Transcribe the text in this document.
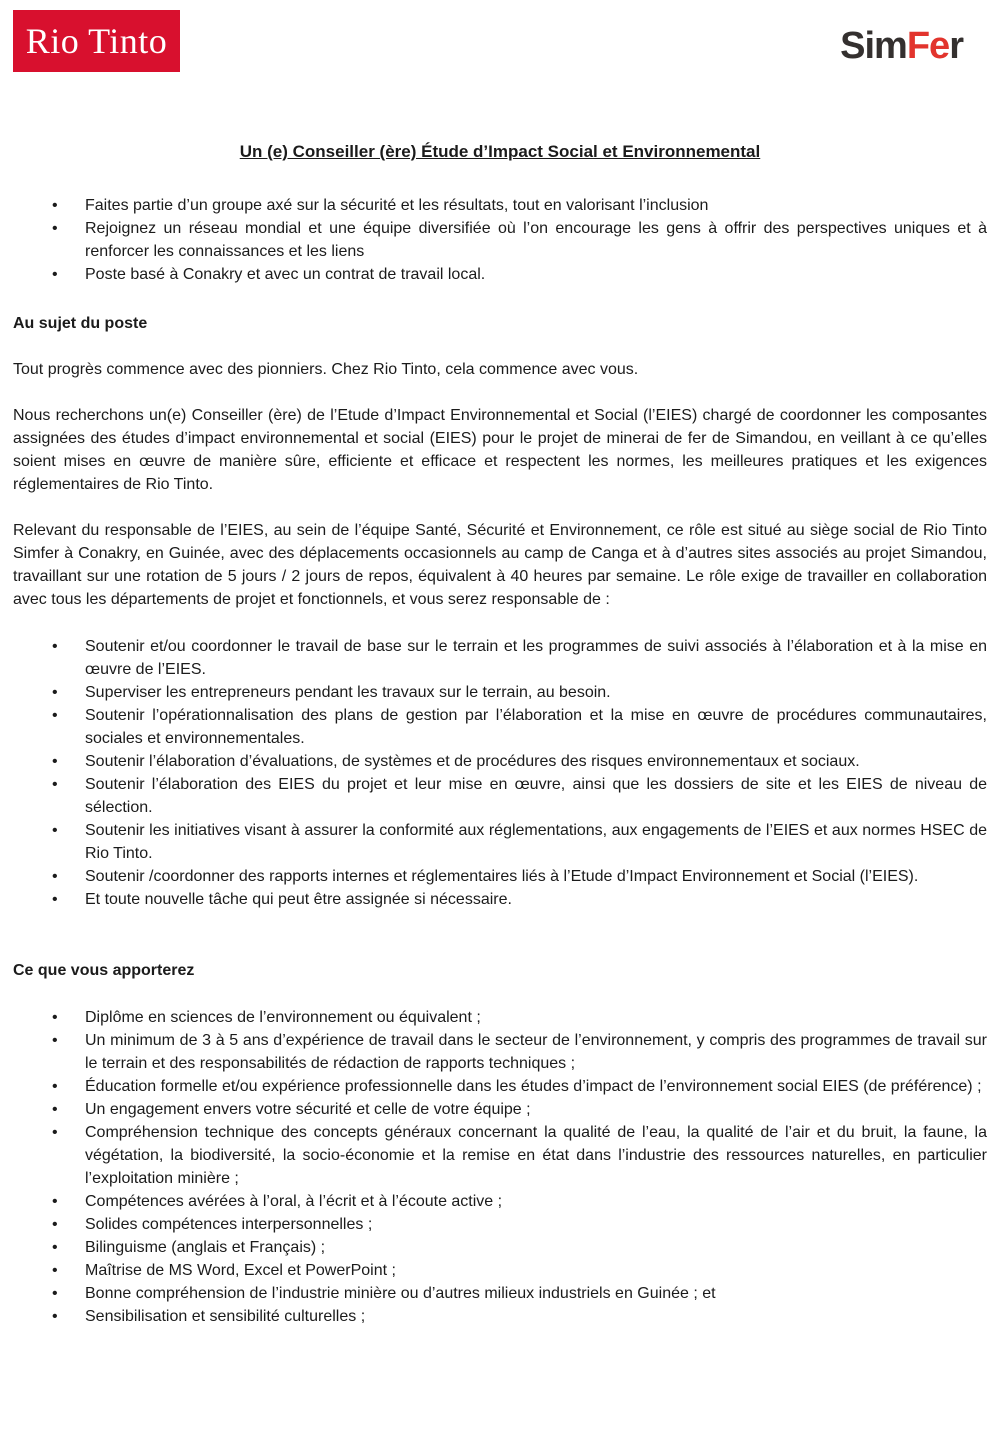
Rio Tinto	SimFer
Un (e) Conseiller (ère) Étude d’Impact Social et Environnemental
• Faites partie d’un groupe axé sur la sécurité et les résultats, tout en valorisant l’inclusion
• Rejoignez un réseau mondial et une équipe diversifiée où l’on encourage les gens à offrir des perspectives uniques et à renforcer les connaissances et les liens
• Poste basé à Conakry et avec un contrat de travail local.
Au sujet du poste

Tout progrès commence avec des pionniers. Chez Rio Tinto, cela commence avec vous.

Nous recherchons un(e) Conseiller (ère) de l’Etude d’Impact Environnemental et Social (l’EIES) chargé de coordonner les composantes assignées des études d’impact environnemental et social (EIES) pour le projet de minerai de fer de Simandou, en veillant à ce qu’elles soient mises en œuvre de manière sûre, efficiente et efficace et respectent les normes, les meilleures pratiques et les exigences réglementaires de Rio Tinto.

Relevant du responsable de l’EIES, au sein de l’équipe Santé, Sécurité et Environnement, ce rôle est situé au siège social de Rio Tinto Simfer à Conakry, en Guinée, avec des déplacements occasionnels au camp de Canga et à d’autres sites associés au projet Simandou, travaillant sur une rotation de 5 jours / 2 jours de repos, équivalent à 40 heures par semaine. Le rôle exige de travailler en collaboration avec tous les départements de projet et fonctionnels, et vous serez responsable de :

• Soutenir et/ou coordonner le travail de base sur le terrain et les programmes de suivi associés à l’élaboration et à la mise en œuvre de l’EIES.
• Superviser les entrepreneurs pendant les travaux sur le terrain, au besoin.
• Soutenir l’opérationnalisation des plans de gestion par l’élaboration et la mise en œuvre de procédures communautaires, sociales et environnementales.
• Soutenir l’élaboration d’évaluations, de systèmes et de procédures des risques environnementaux et sociaux.
• Soutenir l’élaboration des EIES du projet et leur mise en œuvre, ainsi que les dossiers de site et les EIES de niveau de sélection.
• Soutenir les initiatives visant à assurer la conformité aux réglementations, aux engagements de l’EIES et aux normes HSEC de Rio Tinto.
• Soutenir /coordonner des rapports internes et réglementaires liés à l’Etude d’Impact Environnement et Social (l’EIES).
• Et toute nouvelle tâche qui peut être assignée si nécessaire.
Ce que vous apporterez
• Diplôme en sciences de l’environnement ou équivalent ;
• Un minimum de 3 à 5 ans d’expérience de travail dans le secteur de l’environnement, y compris des programmes de travail sur le terrain et des responsabilités de rédaction de rapports techniques ;
• Éducation formelle et/ou expérience professionnelle dans les études d’impact de l’environnement social EIES (de préférence) ;
• Un engagement envers votre sécurité et celle de votre équipe ;
• Compréhension technique des concepts généraux concernant la qualité de l’eau, la qualité de l’air et du bruit, la faune, la végétation, la biodiversité, la socio-économie et la remise en état dans l’industrie des ressources naturelles, en particulier l’exploitation minière ;
• Compétences avérées à l’oral, à l’écrit et à l’écoute active ;
• Solides compétences interpersonnelles ;
• Bilinguisme (anglais et Français) ;
• Maîtrise de MS Word, Excel et PowerPoint ;
• Bonne compréhension de l’industrie minière ou d’autres milieux industriels en Guinée ; et
• Sensibilisation et sensibilité culturelles ;
